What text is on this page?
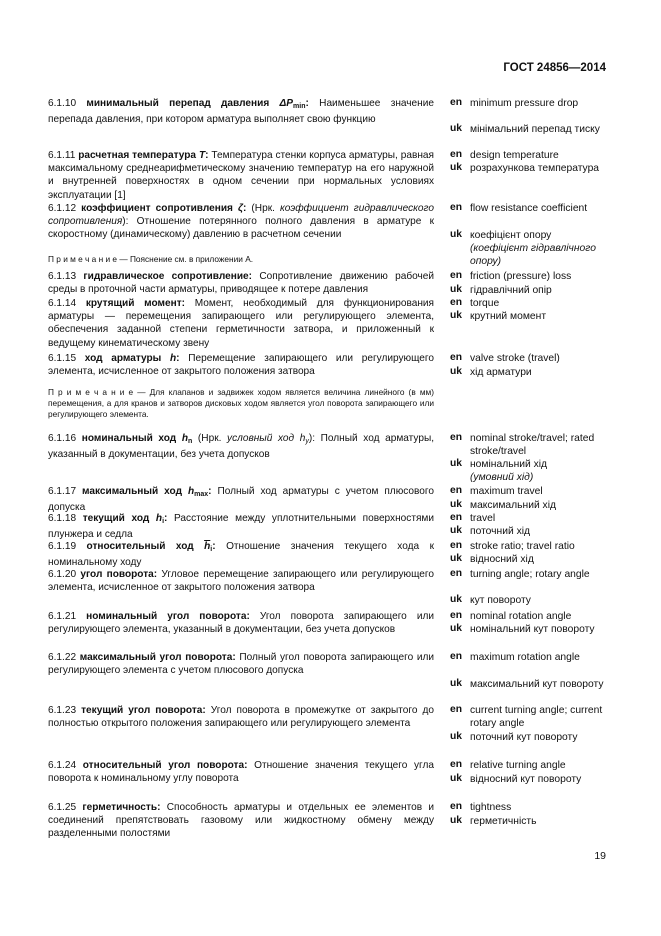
ГОСТ 24856—2014
6.1.10 минимальный перепад давления $\Delta P_{min}$: Наименьшее значение перепада давления, при котором арматура выполняет свою функцию
en minimum pressure drop
uk мінімальний перепад тиску
6.1.11 расчетная температура T: Температура стенки корпуса арматуры, равная максимальному среднеарифметическому значению температур на его наружной и внутренней поверхностях в одном сечении при нормальных условиях эксплуатации [1]
en design temperature
uk розрахункова температура
6.1.12 коэффициент сопротивления ζ: (Нрк. коэффициент гидравлического сопротивления): Отношение потерянного полного давления в арматуре к скоростному (динамическому) давлению в расчетном сечении
en flow resistance coefficient
uk коефіцієнт опору
(коефіцієнт гідравлічного опору)
П р и м е ч а н и е — Пояснение см. в приложении А.
6.1.13 гидравлическое сопротивление: Сопротивление движению рабочей среды в проточной части арматуры, приводящее к потере давления
en friction (pressure) loss
uk гідравлічний опір
6.1.14 крутящий момент: Момент, необходимый для функционирования арматуры — перемещения запирающего или регулирующего элемента, обеспечения заданной степени герметичности затвора, и приложенный к ведущему кинематическому звену
en torque
uk крутний момент
6.1.15 ход арматуры h: Перемещение запирающего или регулирующего элемента, исчисленное от закрытого положения затвора
en valve stroke (travel)
uk хід арматури
П р и м е ч а н и е — Для клапанов и задвижек ходом является величина линейного (в мм) перемещения, а для кранов и затворов дисковых ходом является угол поворота запирающего или регулирующего элемента.
6.1.16 номинальный ход $h_n$ (Нрк. условный ход $h_y$): Полный ход арматуры, указанный в документации, без учета допусков
en nominal stroke/travel; rated stroke/travel
uk номінальний хід
(умовний хід)
6.1.17 максимальный ход $h_{max}$: Полный ход арматуры с учетом плюсового допуска
en maximum travel
uk максимальний хід
6.1.18 текущий ход $h_i$: Расстояние между уплотнительными поверхностями плунжера и седла
en travel
uk поточний хід
6.1.19 относительный ход $\overline{h}_i$: Отношение значения текущего хода к номинальному ходу
en stroke ratio; travel ratio
uk відносний хід
6.1.20 угол поворота: Угловое перемещение запирающего или регулирующего элемента, исчисленное от закрытого положения затвора
en turning angle; rotary angle
uk кут повороту
6.1.21 номинальный угол поворота: Угол поворота запирающего или регулирующего элемента, указанный в документации, без учета допусков
en nominal rotation angle
uk номінальний кут повороту
6.1.22 максимальный угол поворота: Полный угол поворота запирающего или регулирующего элемента с учетом плюсового допуска
en maximum rotation angle
uk максимальний кут повороту
6.1.23 текущий угол поворота: Угол поворота в промежутке от закрытого до полностью открытого положения запирающего или регулирующего элемента
en current turning angle; current rotary angle
uk поточний кут повороту
6.1.24 относительный угол поворота: Отношение значения текущего угла поворота к номинальному углу поворота
en relative turning angle
uk відносний кут повороту
6.1.25 герметичность: Способность арматуры и отдельных ее элементов и соединений препятствовать газовому или жидкостному обмену между разделенными полостями
en tightness
uk герметичність
19
